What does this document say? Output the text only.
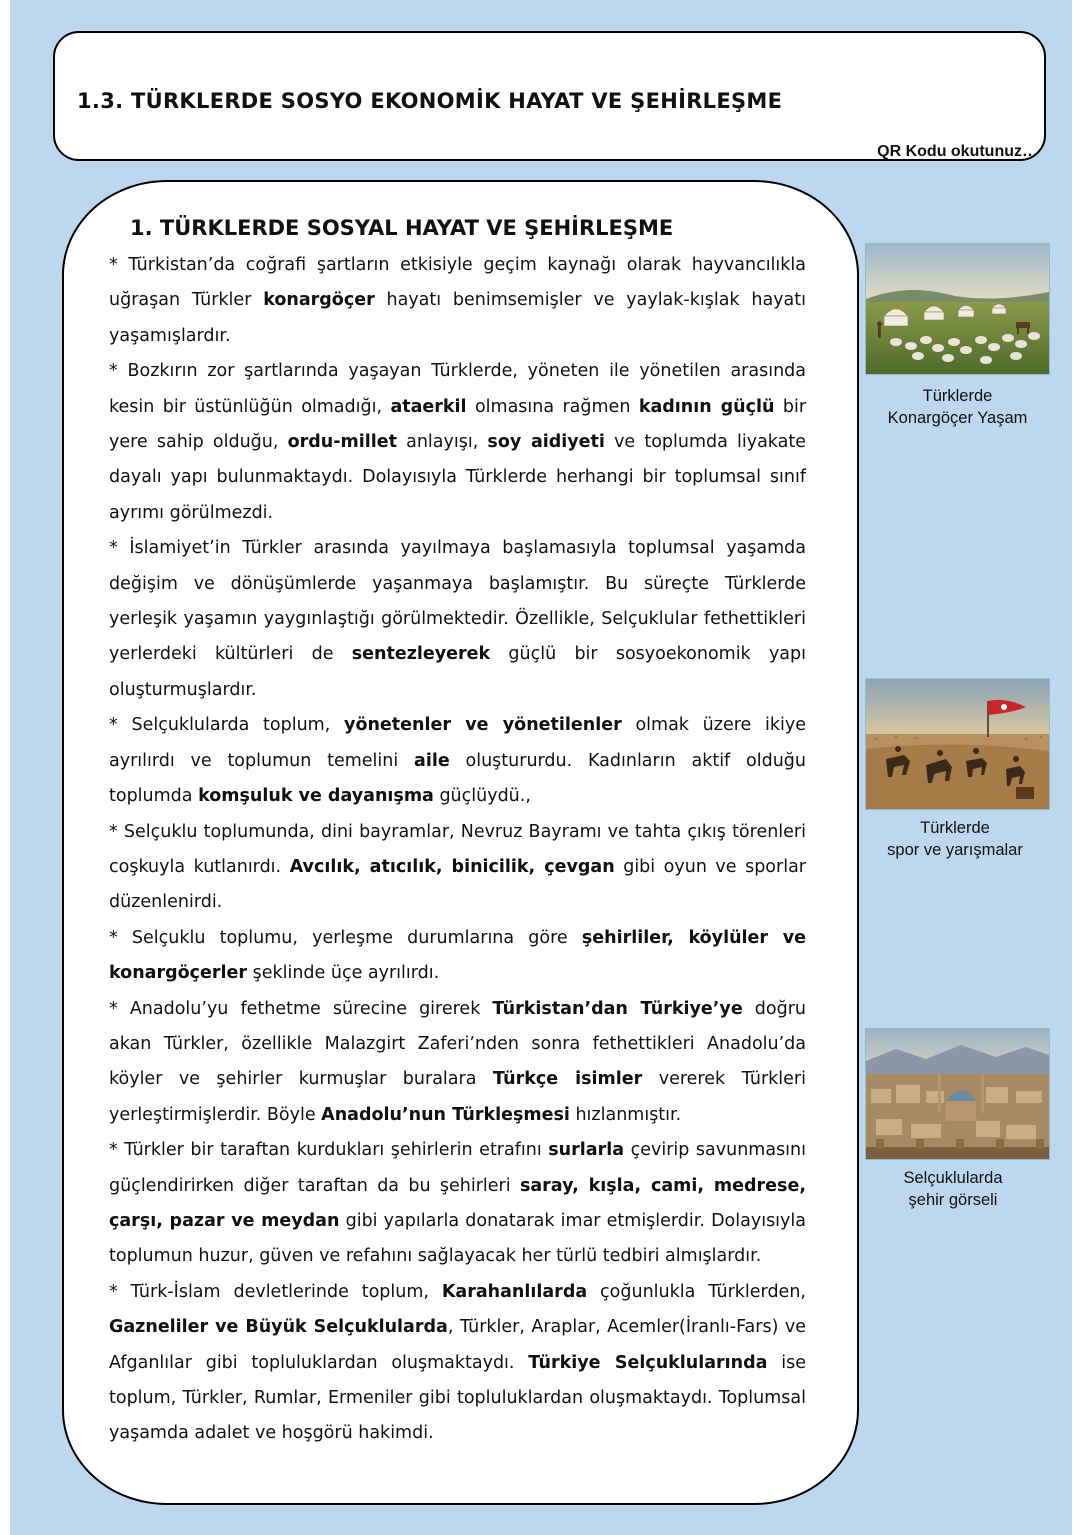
1.3. TÜRKLERDE SOSYO EKONOMİK HAYAT VE ŞEHİRLEŞME
QR Kodu okutunuz…
1. TÜRKLERDE SOSYAL HAYAT VE ŞEHİRLEŞME

* Türkistan’da coğrafi şartların etkisiyle geçim kaynağı olarak hayvancılıkla uğraşan Türkler konargöçer hayatı benimsemişler ve yaylak-kışlak hayatı yaşamışlardır.

* Bozkırın zor şartlarında yaşayan Türklerde, yöneten ile yönetilen arasında kesin bir üstünlüğün olmadığı, ataerkil olmasına rağmen kadının güçlü bir yere sahip olduğu, ordu-millet anlayışı, soy aidiyeti ve toplumda liyakate dayalı yapı bulunmaktaydı. Dolayısıyla Türklerde herhangi bir toplumsal sınıf ayrımı görülmezdi.

* İslamiyet’in Türkler arasında yayılmaya başlamasıyla toplumsal yaşamda değişim ve dönüşümlerde yaşanmaya başlamıştır. Bu süreçte Türklerde yerleşik yaşamın yaygınlaştığı görülmektedir. Özellikle, Selçuklular fethettikleri yerlerdeki kültürleri de sentezleyerek güçlü bir sosyoekonomik yapı oluşturmuşlardır.

* Selçuklularda toplum, yönetenler ve yönetilenler olmak üzere ikiye ayrılırdı ve toplumun temelini aile oluştururdu. Kadınların aktif olduğu toplumda komşuluk ve dayanışma güçlüydü.,

* Selçuklu toplumunda, dini bayramlar, Nevruz Bayramı ve tahta çıkış törenleri coşkuyla kutlanırdı. Avcılık, atıcılık, binicilik, çevgan gibi oyun ve sporlar düzenlenirdi.

* Selçuklu toplumu, yerleşme durumlarına göre şehirliler, köylüler ve konargöçerler şeklinde üçe ayrılırdı.

* Anadolu’yu fethetme sürecine girerek Türkistan’dan Türkiye’ye doğru akan Türkler, özellikle Malazgirt Zaferi’nden sonra fethettikleri Anadolu’da köyler ve şehirler kurmuşlar buralara Türkçe isimler vererek Türkleri yerleştirmişlerdir. Böyle Anadolu’nun Türkleşmesi hızlanmıştır.

* Türkler bir taraftan kurdukları şehirlerin etrafını surlarla çevirip savunmasını güçlendirirken diğer taraftan da bu şehirleri saray, kışla, cami, medrese, çarşı, pazar ve meydan gibi yapılarla donatarak imar etmişlerdir. Dolayısıyla toplumun huzur, güven ve refahını sağlayacak her türlü tedbiri almışlardır.

* Türk-İslam devletlerinde toplum, Karahanlılarda çoğunlukla Türklerden, Gazneliler ve Büyük Selçuklularda, Türkler, Araplar, Acemler(İranlı-Fars) ve Afganlılar gibi topluluklardan oluşmaktaydı. Türkiye Selçuklularında ise toplum, Türkler, Rumlar, Ermeniler gibi topluluklardan oluşmaktaydı. Toplumsal yaşamda adalet ve hoşgörü hakimdi.

Türklerde
Konargöçer Yaşam
Türklerde
spor ve yarışmalar
Selçuklularda
şehir görseli
